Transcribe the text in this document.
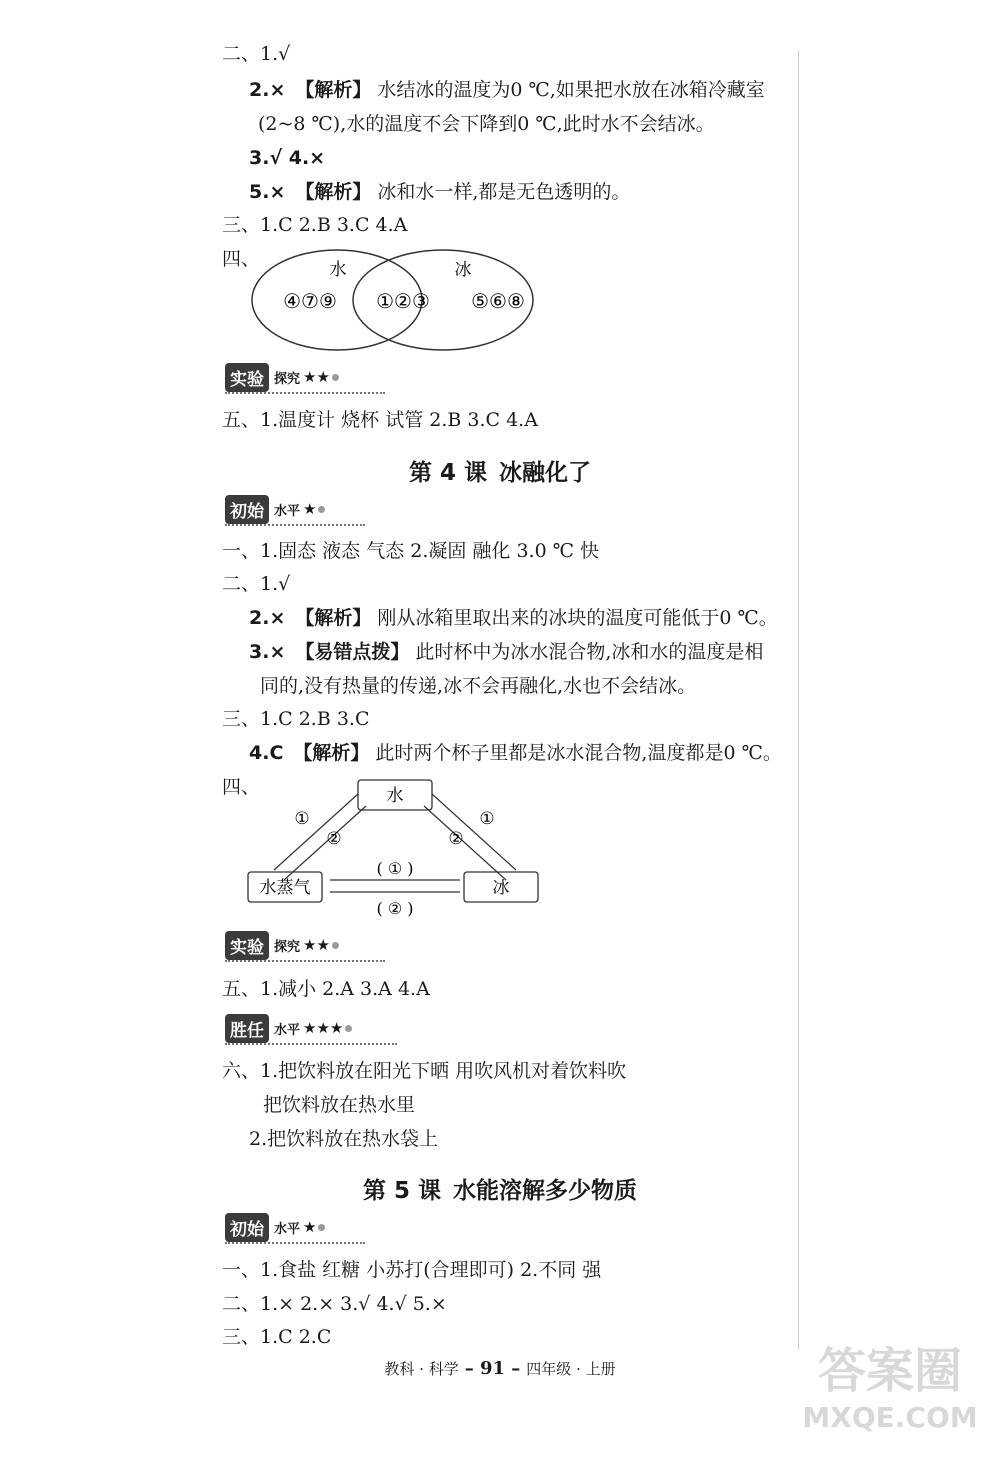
二、1.√
2.× 【解析】 水结冰的温度为0 ℃,如果把水放在冰箱冷藏室
(2~8 ℃),水的温度不会下降到0 ℃,此时水不会结冰。
3.√ 4.×
5.× 【解析】 冰和水一样,都是无色透明的。
三、1.C 2.B 3.C 4.A
四、	水	冰
④⑦⑨ ①②③ ⑤⑥⑧
实验 探究 ★★
五、1.温度计 烧杯 试管 2.B 3.C 4.A
第 4 课 冰融化了
初始 水平 ★
一、1.固态 液态 气态 2.凝固 融化 3.0 ℃ 快
二、1.√
2.× 【解析】 刚从冰箱里取出来的冰块的温度可能低于0 ℃。
3.× 【易错点拨】 此时杯中为冰水混合物,冰和水的温度是相
同的,没有热量的传递,冰不会再融化,水也不会结冰。
三、1.C 2.B 3.C
4.C 【解析】 此时两个杯子里都是冰水混合物,温度都是0 ℃。
四、	水
水蒸气	冰
①
②
①
②
( ① )
( ② )
实验 探究 ★★
五、1.减小 2.A 3.A 4.A
胜任 水平 ★★★
六、1.把饮料放在阳光下晒 用吹风机对着饮料吹
把饮料放在热水里
2.把饮料放在热水袋上
第 5 课 水能溶解多少物质
初始 水平 ★
一、1.食盐 红糖 小苏打(合理即可) 2.不同 强
二、1.× 2.× 3.√ 4.√ 5.×
三、1.C 2.C
教科 · 科学 – 91 – 四年级 · 上册	答案圈
MXQE.COM
